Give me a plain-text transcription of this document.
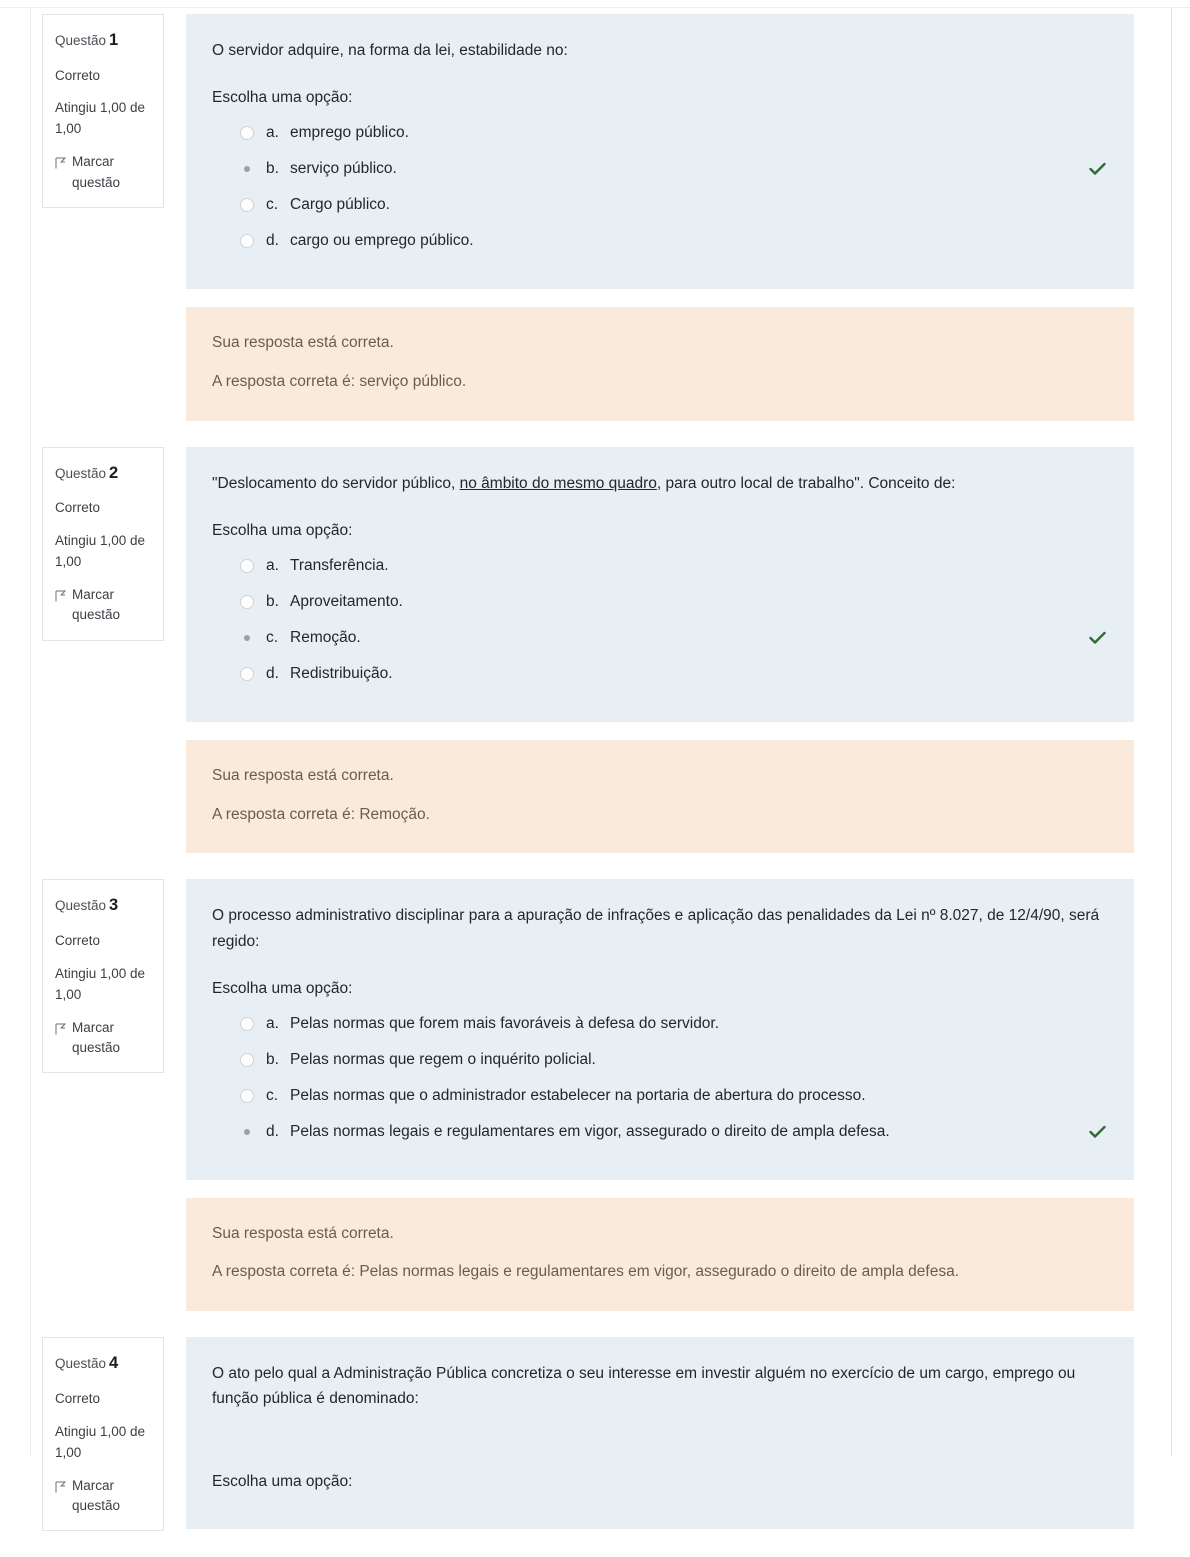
Questão 1
Correto
Atingiu 1,00 de 1,00
Marcar questão
O servidor adquire, na forma da lei, estabilidade no:
Escolha uma opção:
a. emprego público.
b. serviço público.
c. Cargo público.
d. cargo ou emprego público.

Sua resposta está correta.

A resposta correta é: serviço público.

Questão 2
Correto
Atingiu 1,00 de 1,00
Marcar questão
"Deslocamento do servidor público, no âmbito do mesmo quadro, para outro local de trabalho". Conceito de:
Escolha uma opção:
a. Transferência.
b. Aproveitamento.
c. Remoção.
d. Redistribuição.

Sua resposta está correta.

A resposta correta é: Remoção.

Questão 3
Correto
Atingiu 1,00 de 1,00
Marcar questão
O processo administrativo disciplinar para a apuração de infrações e aplicação das penalidades da Lei nº 8.027, de 12/4/90, será regido:
Escolha uma opção:
a. Pelas normas que forem mais favoráveis à defesa do servidor.
b. Pelas normas que regem o inquérito policial.
c. Pelas normas que o administrador estabelecer na portaria de abertura do processo.
d. Pelas normas legais e regulamentares em vigor, assegurado o direito de ampla defesa.

Sua resposta está correta.

A resposta correta é: Pelas normas legais e regulamentares em vigor, assegurado o direito de ampla defesa.

Questão 4
Correto
Atingiu 1,00 de 1,00
Marcar questão
O ato pelo qual a Administração Pública concretiza o seu interesse em investir alguém no exercício de um cargo, emprego ou função pública é denominado:
Escolha uma opção:
